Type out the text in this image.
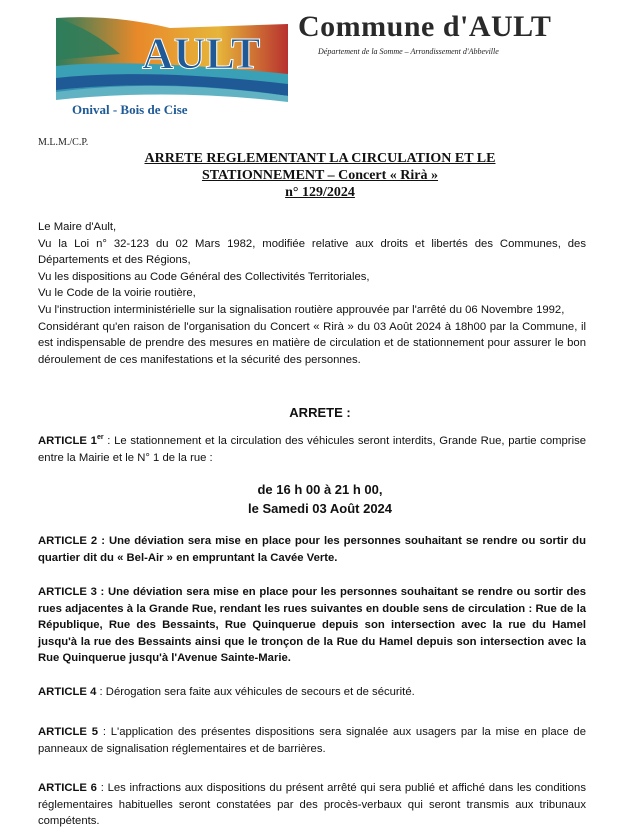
AULT
Onival - Bois de Cise
Commune d'AULT
Département de la Somme – Arrondissement d'Abbeville
M.L.M./C.P.
ARRETE REGLEMENTANT LA CIRCULATION ET LE
STATIONNEMENT – Concert « Rirà »
n° 129/2024

Le Maire d'Ault,

Vu la Loi n° 32-123 du 02 Mars 1982, modifiée relative aux droits et libertés des Communes, des Départements et des Régions,

Vu les dispositions au Code Général des Collectivités Territoriales,

Vu le Code de la voirie routière,

Vu l'instruction interministérielle sur la signalisation routière approuvée par l'arrêté du 06 Novembre 1992,

Considérant qu'en raison de l'organisation du Concert « Rirà » du 03 Août 2024 à 18h00 par la Commune, il est indispensable de prendre des mesures en matière de circulation et de stationnement pour assurer le bon déroulement de ces manifestations et la sécurité des personnes.

ARRETE :

ARTICLE 1er : Le stationnement et la circulation des véhicules seront interdits, Grande Rue, partie comprise entre la Mairie et le N° 1 de la rue :

de 16 h 00 à 21 h 00,
le Samedi 03 Août 2024

ARTICLE 2 : Une déviation sera mise en place pour les personnes souhaitant se rendre ou sortir du quartier dit du « Bel-Air » en empruntant la Cavée Verte.

ARTICLE 3 : Une déviation sera mise en place pour les personnes souhaitant se rendre ou sortir des rues adjacentes à la Grande Rue, rendant les rues suivantes en double sens de circulation : Rue de la République, Rue des Bessaints, Rue Quinquerue depuis son intersection avec la rue du Hamel jusqu'à la rue des Bessaints ainsi que le tronçon de la Rue du Hamel depuis son intersection avec la Rue Quinquerue jusqu'à l'Avenue Sainte-Marie.

ARTICLE 4 : Dérogation sera faite aux véhicules de secours et de sécurité.

ARTICLE 5 : L'application des présentes dispositions sera signalée aux usagers par la mise en place de panneaux de signalisation réglementaires et de barrières.

ARTICLE 6 : Les infractions aux dispositions du présent arrêté qui sera publié et affiché dans les conditions réglementaires habituelles seront constatées par des procès-verbaux qui seront transmis aux tribunaux compétents.
